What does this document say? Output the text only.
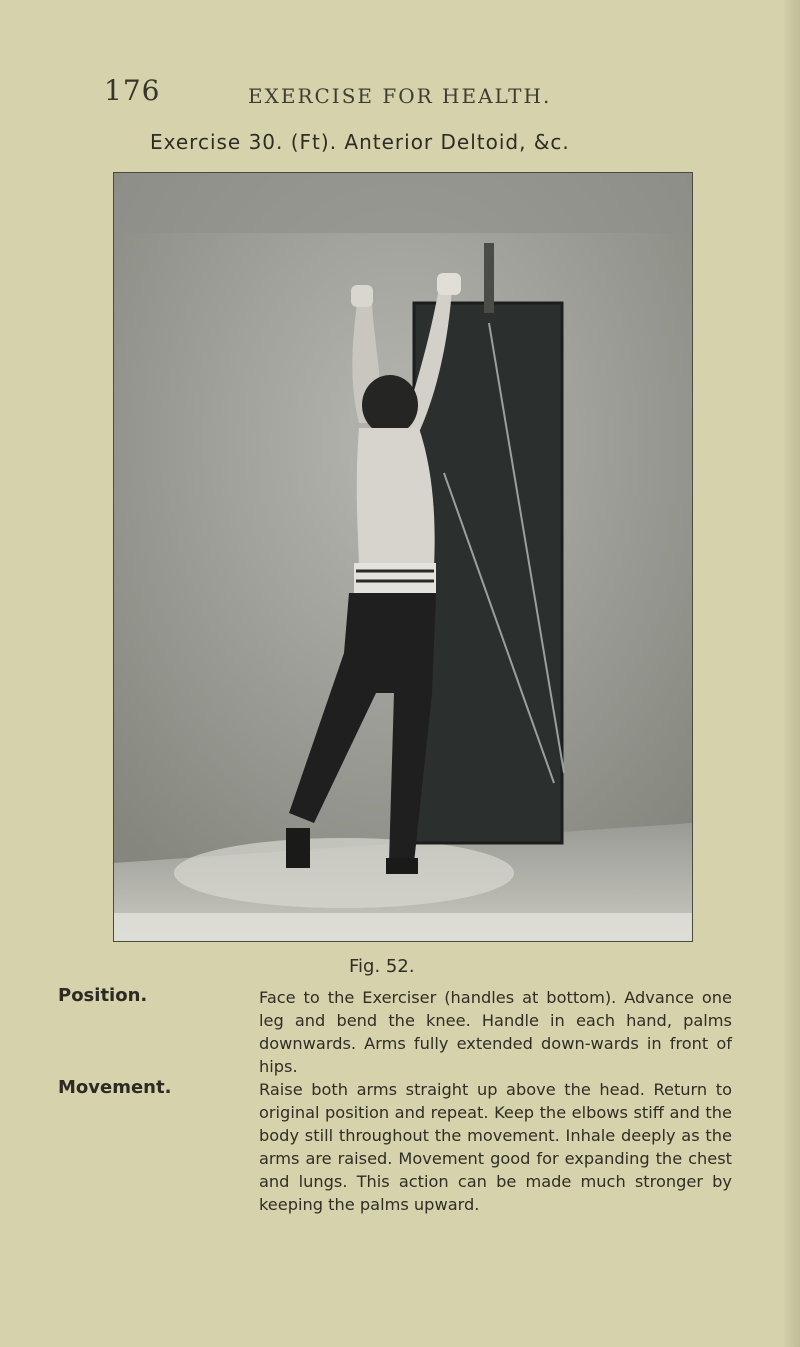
176	EXERCISE FOR HEALTH.
Exercise 30. (Ft). Anterior Deltoid, &c.
Fig. 52.
Position.	Face to the Exerciser (handles at bottom). Advance one leg and bend the knee. Handle in each hand, palms downwards. Arms fully extended down-wards in front of hips.
Movement.	Raise both arms straight up above the head. Return to original position and repeat. Keep the elbows stiff and the body still throughout the movement. Inhale deeply as the arms are raised. Movement good for expanding the chest and lungs. This action can be made much stronger by keeping the palms upward.
